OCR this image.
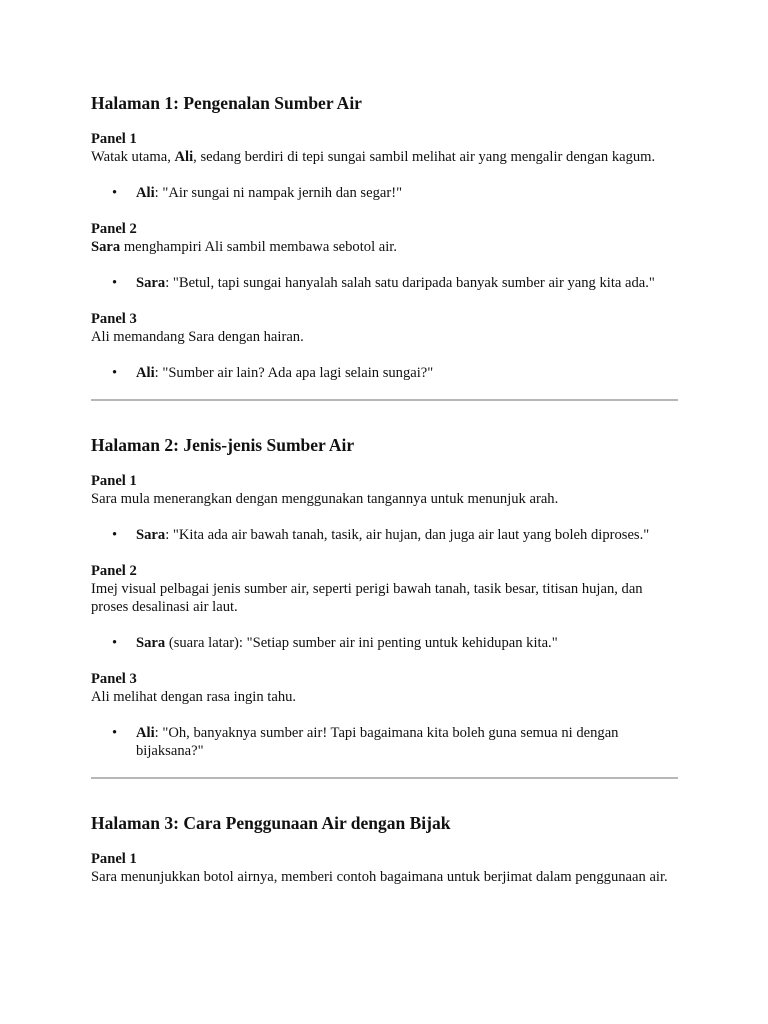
Halaman 1: Pengenalan Sumber Air
Panel 1
Watak utama, Ali, sedang berdiri di tepi sungai sambil melihat air yang mengalir dengan kagum.
• Ali: "Air sungai ni nampak jernih dan segar!"
Panel 2
Sara menghampiri Ali sambil membawa sebotol air.
• Sara: "Betul, tapi sungai hanyalah salah satu daripada banyak sumber air yang kita ada."
Panel 3
Ali memandang Sara dengan hairan.
• Ali: "Sumber air lain? Ada apa lagi selain sungai?"
Halaman 2: Jenis-jenis Sumber Air
Panel 1
Sara mula menerangkan dengan menggunakan tangannya untuk menunjuk arah.
• Sara: "Kita ada air bawah tanah, tasik, air hujan, dan juga air laut yang boleh diproses."
Panel 2
Imej visual pelbagai jenis sumber air, seperti perigi bawah tanah, tasik besar, titisan hujan, dan proses desalinasi air laut.
• Sara (suara latar): "Setiap sumber air ini penting untuk kehidupan kita."
Panel 3
Ali melihat dengan rasa ingin tahu.
• Ali: "Oh, banyaknya sumber air! Tapi bagaimana kita boleh guna semua ni dengan bijaksana?"
Halaman 3: Cara Penggunaan Air dengan Bijak
Panel 1
Sara menunjukkan botol airnya, memberi contoh bagaimana untuk berjimat dalam penggunaan air.
